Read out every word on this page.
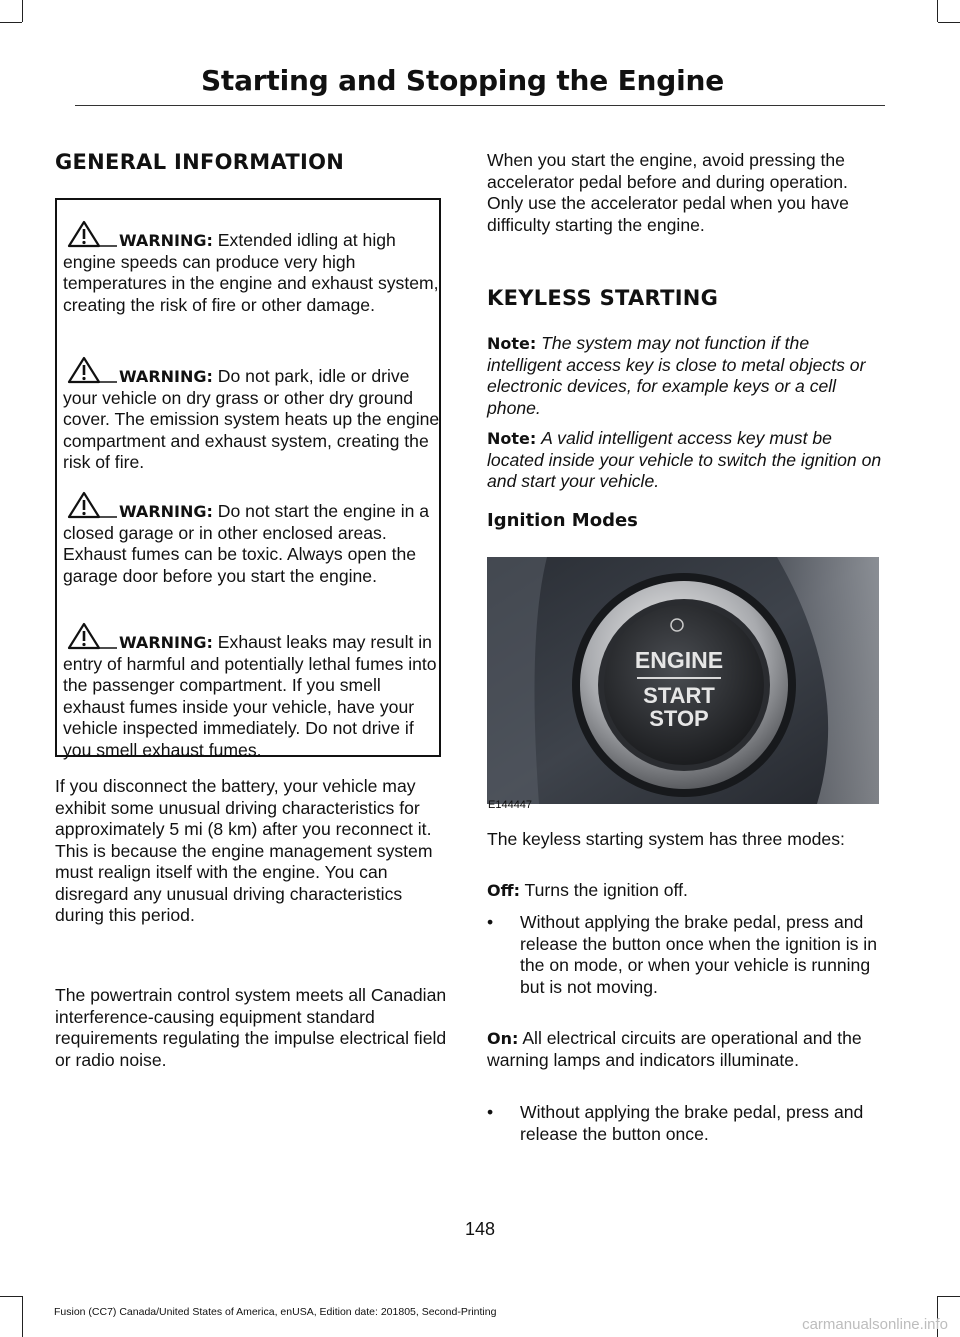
Starting and Stopping the Engine
GENERAL INFORMATION
WARNING: Extended idling at high engine speeds can produce very high temperatures in the engine and exhaust system, creating the risk of fire or other damage.
WARNING: Do not park, idle or drive your vehicle on dry grass or other dry ground cover. The emission system heats up the engine compartment and exhaust system, creating the risk of fire.
WARNING: Do not start the engine in a closed garage or in other enclosed areas. Exhaust fumes can be toxic. Always open the garage door before you start the engine.
WARNING: Exhaust leaks may result in entry of harmful and potentially lethal fumes into the passenger compartment. If you smell exhaust fumes inside your vehicle, have your vehicle inspected immediately. Do not drive if you smell exhaust fumes.

If you disconnect the battery, your vehicle may exhibit some unusual driving characteristics for approximately 5 mi (8 km) after you reconnect it. This is because the engine management system must realign itself with the engine. You can disregard any unusual driving characteristics during this period.

The powertrain control system meets all Canadian interference-causing equipment standard requirements regulating the impulse electrical field or radio noise.

When you start the engine, avoid pressing the accelerator pedal before and during operation. Only use the accelerator pedal when you have difficulty starting the engine.

KEYLESS STARTING

Note: The system may not function if the intelligent access key is close to metal objects or electronic devices, for example keys or a cell phone.

Note: A valid intelligent access key must be located inside your vehicle to switch the ignition on and start your vehicle.

Ignition Modes
ENGINE
START
STOP
E144447

The keyless starting system has three modes:

Off: Turns the ignition off.

• Without applying the brake pedal, press and release the button once when the ignition is in the on mode, or when your vehicle is running but is not moving.

On: All electrical circuits are operational and the warning lamps and indicators illuminate.

• Without applying the brake pedal, press and release the button once.
148
Fusion (CC7) Canada/United States of America, enUSA, Edition date: 201805, Second-Printing
carmanualsonline.info
